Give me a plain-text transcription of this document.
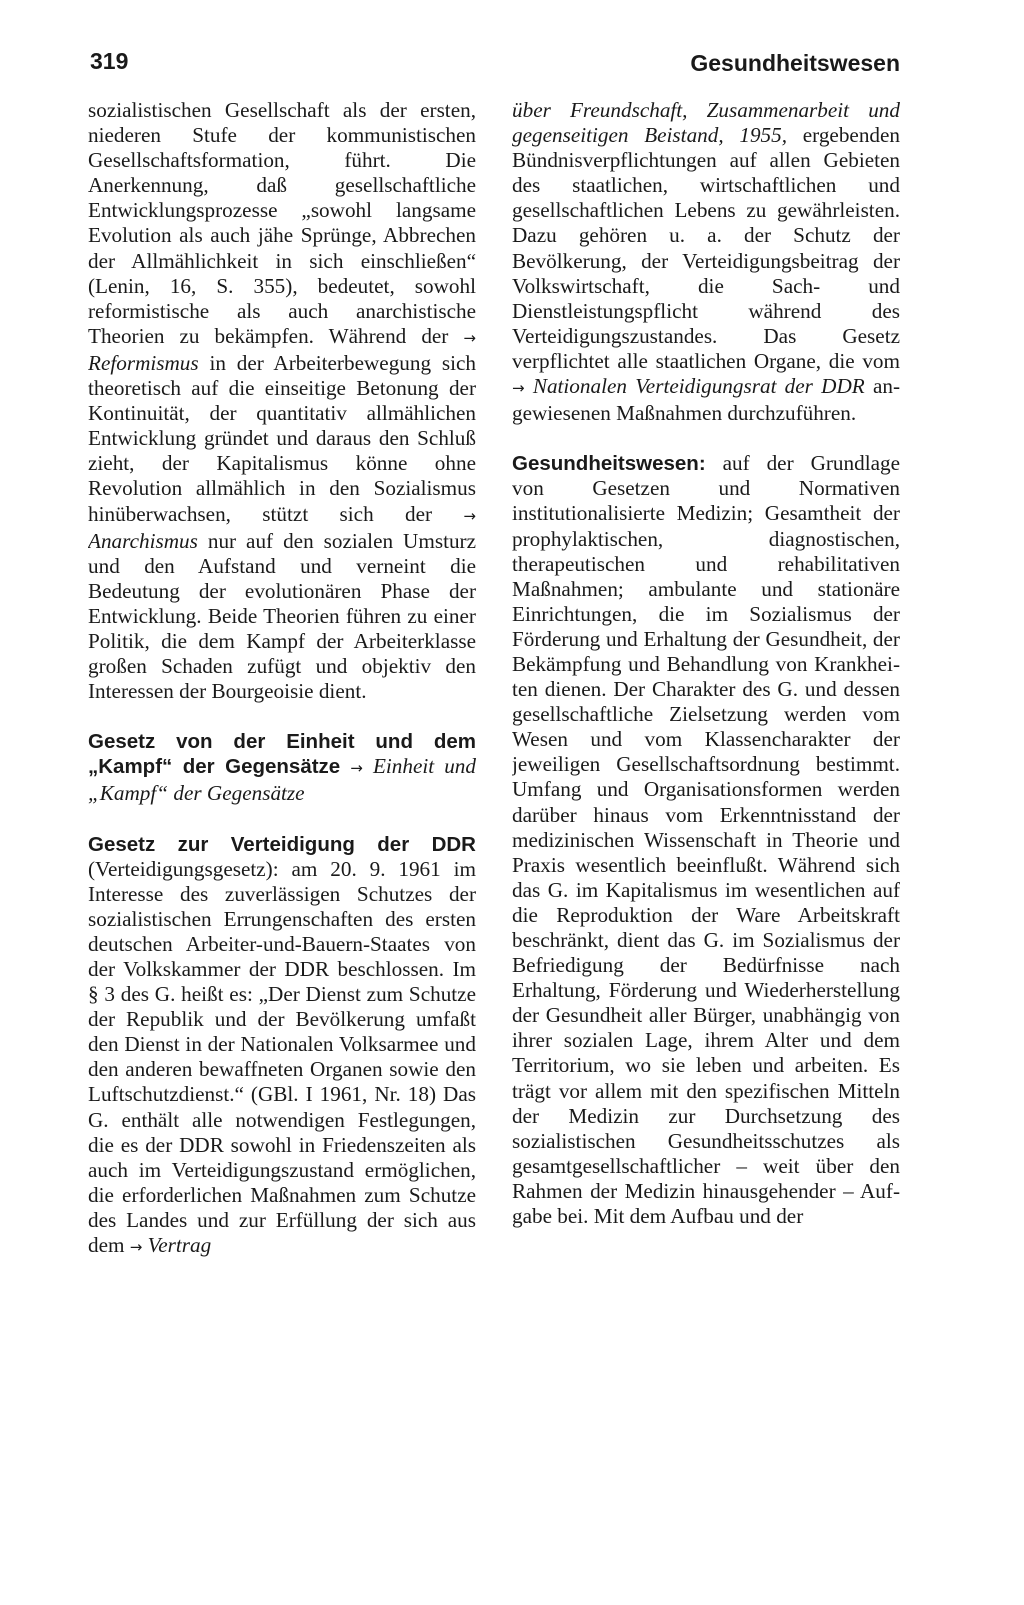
319	Gesundheitswesen

sozialistischen Gesellschaft als der ersten, niederen Stufe der kommunistischen Gesellschaftsformation, führt. Die Anerkennung, daß gesellschaftliche Entwicklungsprozesse „sowohl langsame Evolution als auch jähe Sprünge, Abbrechen der Allmählichkeit in sich einschließen“ (Lenin, 16, S. 355), bedeutet, sowohl reformistische als auch anarchistische Theorien zu bekämpfen. Während der → Reformismus in der Arbeiterbewegung sich theoretisch auf die einseitige Betonung der Kontinuität, der quantitativ allmählichen Entwicklung gründet und daraus den Schluß zieht, der Kapitalismus könne ohne Revolution allmählich in den Sozialismus hinüberwachsen, stützt sich der → Anarchismus nur auf den sozialen Umsturz und den Aufstand und verneint die Bedeutung der evolutionären Phase der Entwicklung. Beide Theorien führen zu einer Politik, die dem Kampf der Arbeiterklasse großen Schaden zufügt und objektiv den Interessen der Bourgeoisie dient.

Gesetz von der Einheit und dem „Kampf“ der Gegensätze → Einheit und „Kampf“ der Gegensätze

Gesetz zur Verteidigung der DDR (Verteidigungsgesetz): am 20. 9. 1961 im Interesse des zuverlässigen Schutzes der sozialistischen Errungenschaften des ersten deutschen Arbeiter-und-Bauern-Staates von der Volkskammer der DDR beschlossen. Im § 3 des G. heißt es: „Der Dienst zum Schutze der Republik und der Bevölkerung umfaßt den Dienst in der Nationalen Volksarmee und den anderen bewaffneten Organen sowie den Luftschutzdienst.“ (GBl. I 1961, Nr. 18) Das G. enthält alle notwendigen Festlegungen, die es der DDR sowohl in Friedenszeiten als auch im Verteidigungszustand ermöglichen, die erforderlichen Maßnahmen zum Schutze des Landes und zur Erfüllung der sich aus dem → Vertrag

über Freundschaft, Zusammenarbeit und gegenseitigen Beistand, 1955, ergebenden Bündnisverpflichtungen auf allen Gebieten des staatlichen, wirtschaftlichen und gesellschaftlichen Lebens zu gewährleisten. Dazu gehören u. a. der Schutz der Bevölkerung, der Verteidigungsbeitrag der Volkswirtschaft, die Sach- und Dienstleistungspflicht während des Verteidigungszustandes. Das Gesetz verpflichtet alle staatlichen Organe, die vom → Nationalen Verteidigungsrat der DDR angewiesenen Maßnahmen durchzuführen.

Gesundheitswesen: auf der Grundlage von Gesetzen und Normativen institutionalisierte Medizin; Gesamtheit der prophylaktischen, diagnostischen, therapeutischen und rehabilitativen Maßnahmen; ambulante und stationäre Einrichtungen, die im Sozialismus der Förderung und Erhaltung der Gesundheit, der Bekämpfung und Behandlung von Krankheiten dienen. Der Charakter des G. und dessen gesellschaftliche Zielsetzung werden vom Wesen und vom Klassencharakter der jeweiligen Gesellschaftsordnung bestimmt. Umfang und Organisationsformen werden darüber hinaus vom Erkenntnisstand der medizinischen Wissenschaft in Theorie und Praxis wesentlich beeinflußt. Während sich das G. im Kapitalismus im wesentlichen auf die Reproduktion der Ware Arbeitskraft beschränkt, dient das G. im Sozialismus der Befriedigung der Bedürfnisse nach Erhaltung, Förderung und Wiederherstellung der Gesundheit aller Bürger, unabhängig von ihrer sozialen Lage, ihrem Alter und dem Territorium, wo sie leben und arbeiten. Es trägt vor allem mit den spezifischen Mitteln der Medizin zur Durchsetzung des sozialistischen Gesundheitsschutzes als gesamtgesellschaftlicher – weit über den Rahmen der Medizin hinausgehender – Aufgabe bei. Mit dem Aufbau und der
